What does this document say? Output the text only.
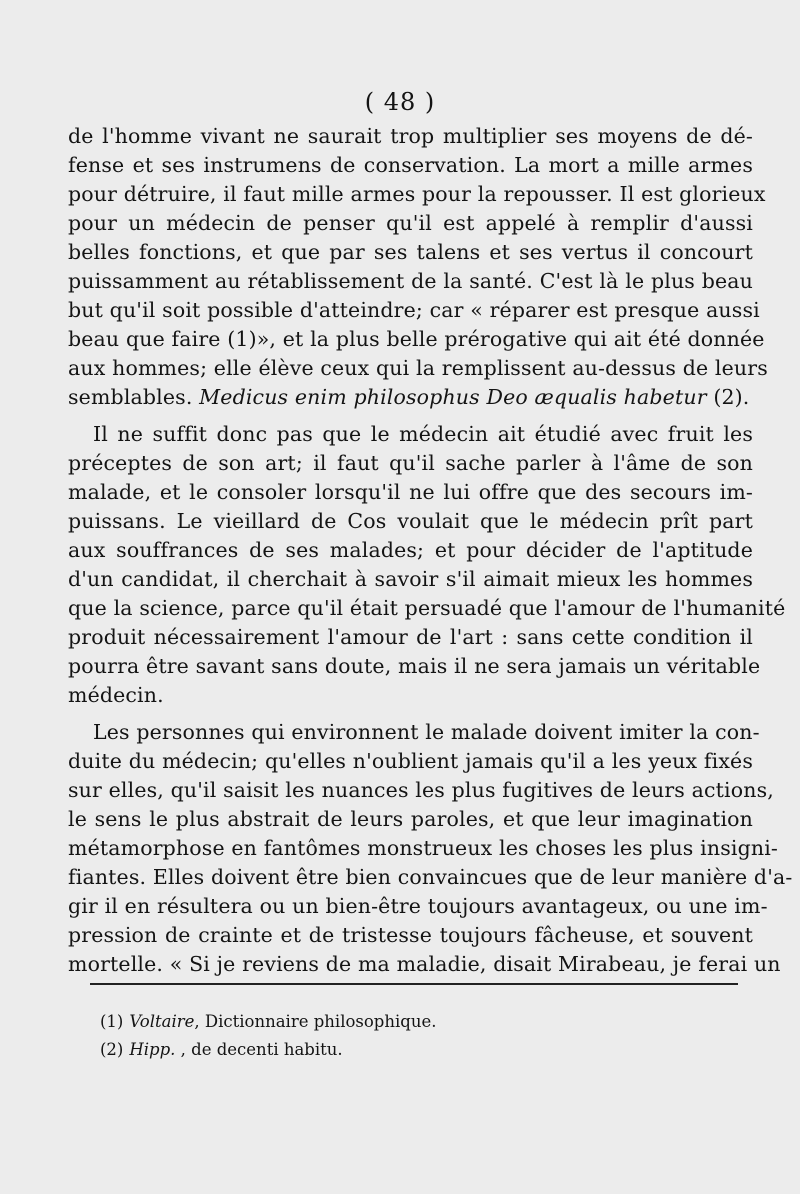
( 48 )
de l'homme vivant ne saurait trop multiplier ses moyens de dé-
fense et ses instrumens de conservation. La mort a mille armes
pour détruire, il faut mille armes pour la repousser. Il est glorieux
pour un médecin de penser qu'il est appelé à remplir d'aussi
belles fonctions, et que par ses talens et ses vertus il concourt
puissamment au rétablissement de la santé. C'est là le plus beau
but qu'il soit possible d'atteindre; car « réparer est presque aussi
beau que faire (1)», et la plus belle prérogative qui ait été donnée
aux hommes; elle élève ceux qui la remplissent au-dessus de leurs
semblables. Medicus enim philosophus Deo æqualis habetur (2).
Il ne suffit donc pas que le médecin ait étudié avec fruit les
préceptes de son art; il faut qu'il sache parler à l'âme de son
malade, et le consoler lorsqu'il ne lui offre que des secours im-
puissans. Le vieillard de Cos voulait que le médecin prît part
aux souffrances de ses malades; et pour décider de l'aptitude
d'un candidat, il cherchait à savoir s'il aimait mieux les hommes
que la science, parce qu'il était persuadé que l'amour de l'humanité
produit nécessairement l'amour de l'art : sans cette condition il
pourra être savant sans doute, mais il ne sera jamais un véritable
médecin.
Les personnes qui environnent le malade doivent imiter la con-
duite du médecin; qu'elles n'oublient jamais qu'il a les yeux fixés
sur elles, qu'il saisit les nuances les plus fugitives de leurs actions,
le sens le plus abstrait de leurs paroles, et que leur imagination
métamorphose en fantômes monstrueux les choses les plus insigni-
fiantes. Elles doivent être bien convaincues que de leur manière d'a-
gir il en résultera ou un bien-être toujours avantageux, ou une im-
pression de crainte et de tristesse toujours fâcheuse, et souvent
mortelle. « Si je reviens de ma maladie, disait Mirabeau, je ferai un
(1) Voltaire, Dictionnaire philosophique.
(2) Hipp. , de decenti habitu.
